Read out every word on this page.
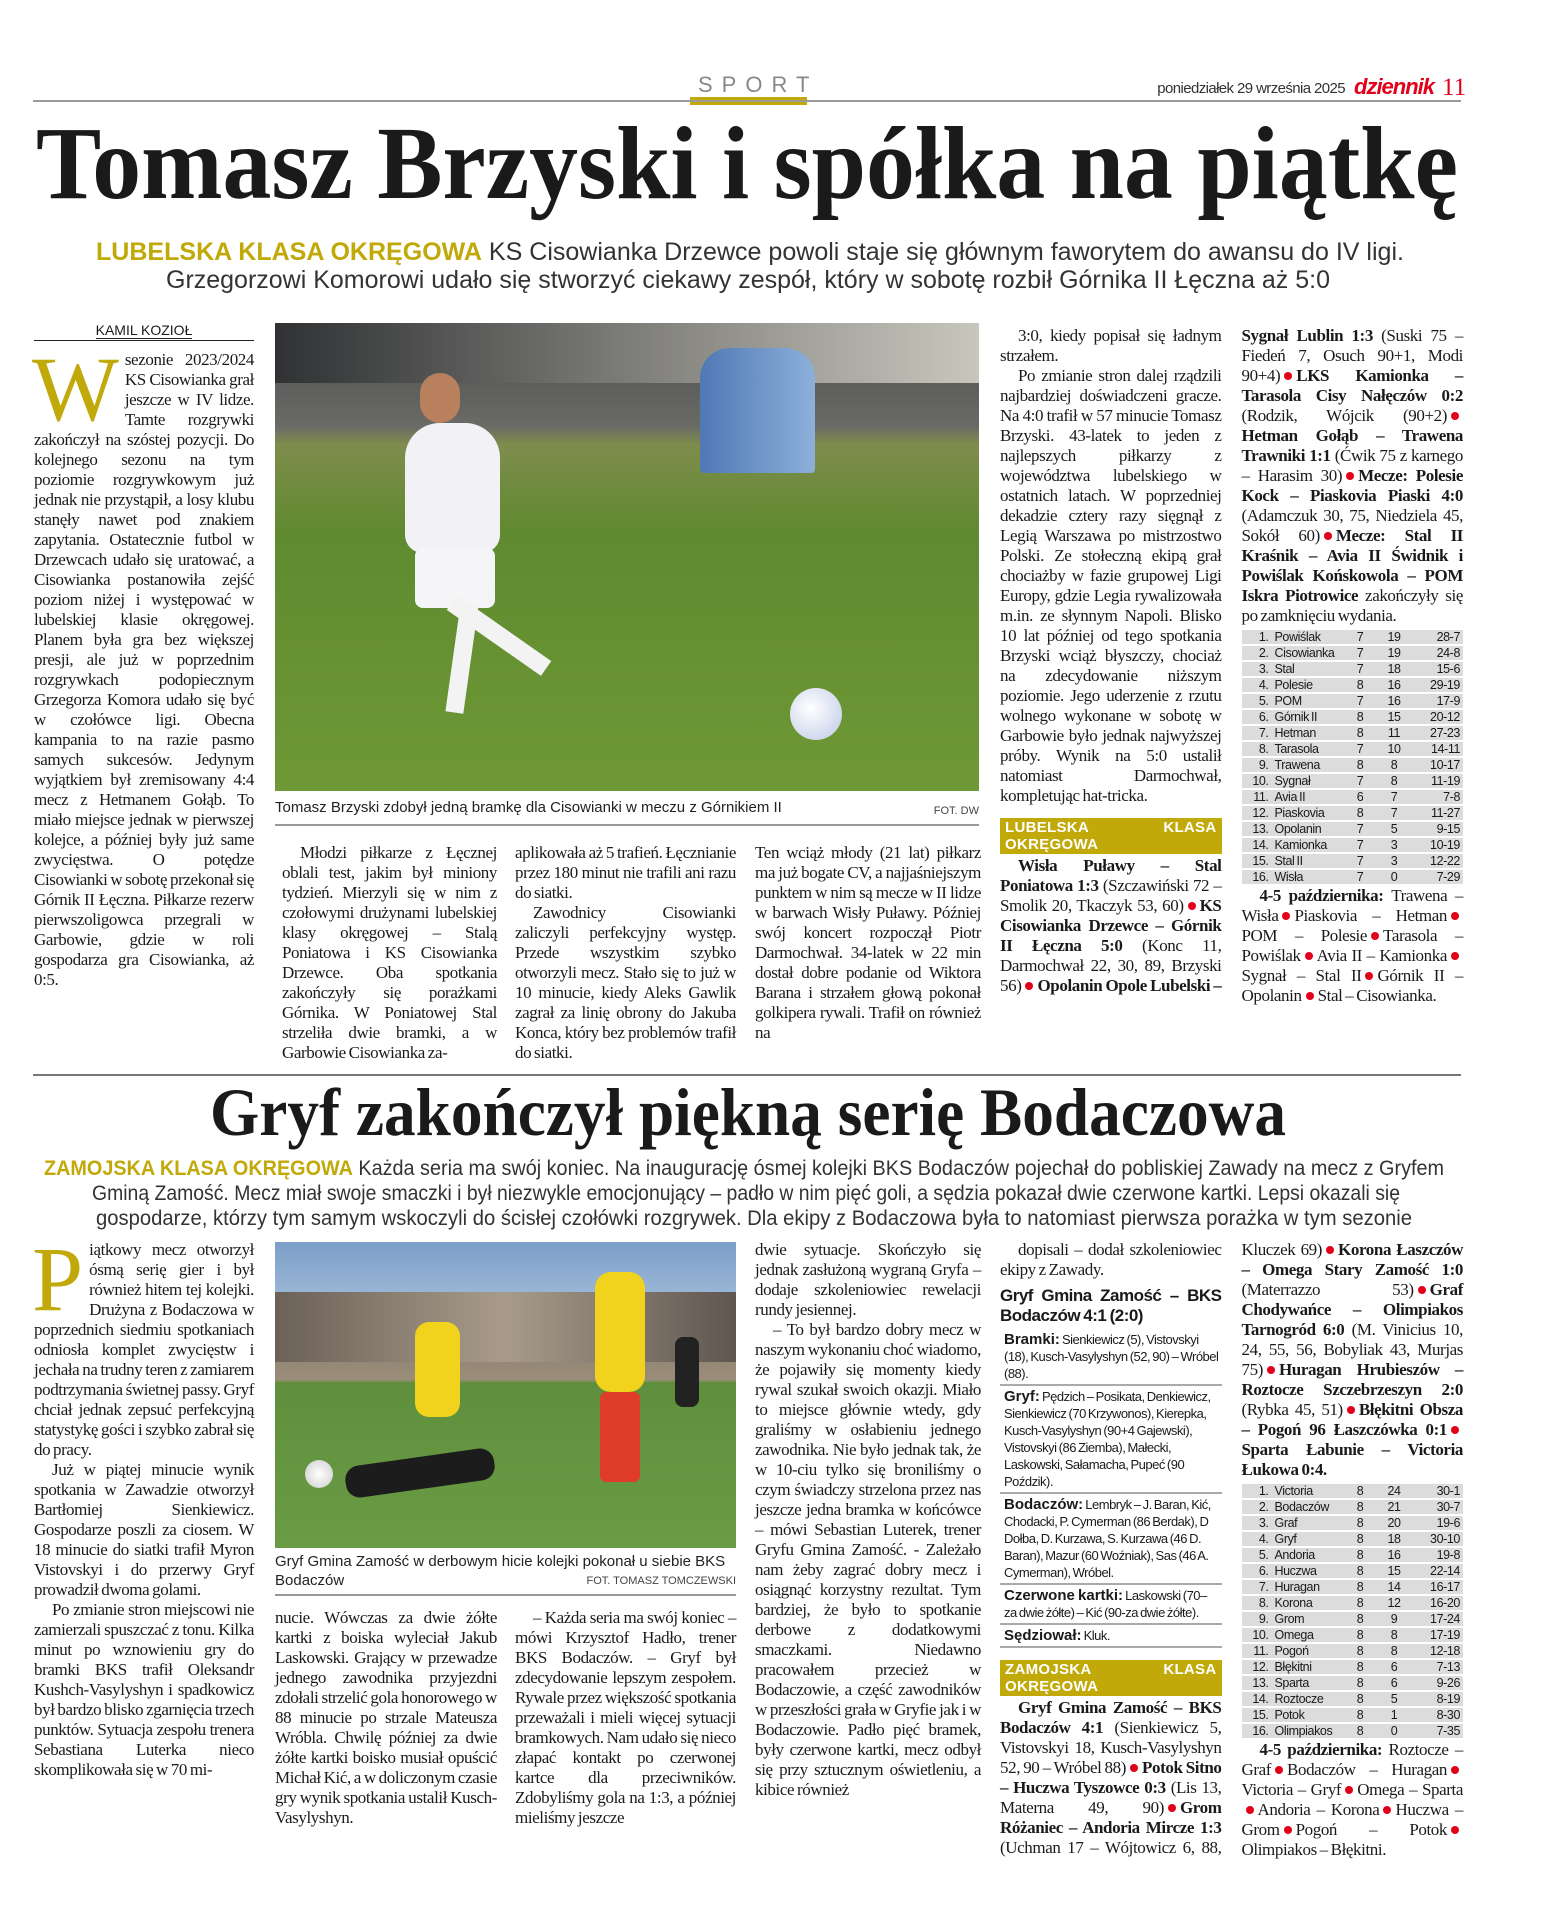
SPORT	poniedziałek 29 września 2025 dziennik 11
Tomasz Brzyski i spółka na piątkę
LUBELSKA KLASA OKRĘGOWA KS Cisowianka Drzewce powoli staje się głównym faworytem do awansu do IV ligi.
Grzegorzowi Komorowi udało się stworzyć ciekawy zespół, który w sobotę rozbił Górnika II Łęczna aż 5:0
KAMIL KOZIOŁ
W sezonie 2023/2024 KS Cisowianka grał jeszcze w IV lidze. Tamte rozgrywki zakończył na szóstej pozycji. Do kolejnego sezonu na tym poziomie rozgrywkowym już jednak nie przystąpił, a losy klubu stanęły nawet pod znakiem zapytania. Ostatecznie futbol w Drzewcach udało się uratować, a Cisowianka postanowiła zejść poziom niżej i występować w lubelskiej klasie okręgowej. Planem była gra bez większej presji, ale już w poprzednim rozgrywkach podopiecznym Grzegorza Komora udało się być w czołówce ligi. Obecna kampania to na razie pasmo samych sukcesów. Jedynym wyjątkiem był zremisowany 4:4 mecz z Hetmanem Gołąb. To miało miejsce jednak w pierwszej kolejce, a później były już same zwycięstwa. O potędze Cisowianki w sobotę przekonał się Górnik II Łęczna. Piłkarze rezerw pierwszoligowca przegrali w Garbowie, gdzie w roli gospodarza gra Cisowianka, aż 0:5.

Tomasz Brzyski zdobył jedną bramkę dla Cisowianki w meczu z Górnikiem II	FOT. DW

Młodzi piłkarze z Łęcznej oblali test, jakim był miniony tydzień. Mierzyli się w nim z czołowymi drużynami lubelskiej klasy okręgowej – Stalą Poniatowa i KS Cisowianka Drzewce. Oba spotkania zakończyły się porażkami Górnika. W Poniatowej Stal strzeliła dwie bramki, a w Garbowie Cisowianka za-

aplikowała aż 5 trafień. Łęcznianie przez 180 minut nie trafili ani razu do siatki.

Zawodnicy Cisowianki zaliczyli perfekcyjny występ. Przede wszystkim szybko otworzyli mecz. Stało się to już w 10 minucie, kiedy Aleks Gawlik zagrał za linię obrony do Jakuba Konca, który bez problemów trafił do siatki.

Ten wciąż młody (21 lat) piłkarz ma już bogate CV, a najjaśniejszym punktem w nim są mecze w II lidze w barwach Wisły Puławy. Później swój koncert rozpoczął Piotr Darmochwał. 34-latek w 22 min dostał dobre podanie od Wiktora Barana i strzałem głową pokonał golkipera rywali. Trafił on również na

3:0, kiedy popisał się ładnym strzałem.

Po zmianie stron dalej rządzili najbardziej doświadczeni gracze. Na 4:0 trafił w 57 minucie Tomasz Brzyski. 43-latek to jeden z najlepszych piłkarzy z województwa lubelskiego w ostatnich latach. W poprzedniej dekadzie cztery razy sięgnął z Legią Warszawa po mistrzostwo Polski. Ze stołeczną ekipą grał chociażby w fazie grupowej Ligi Europy, gdzie Legia rywalizowała m.in. ze słynnym Napoli. Blisko 10 lat później od tego spotkania Brzyski wciąż błyszczy, chociaż na zdecydowanie niższym poziomie. Jego uderzenie z rzutu wolnego wykonane w sobotę w Garbowie było jednak najwyższej próby. Wynik na 5:0 ustalił natomiast Darmochwał, kompletując hat-tricka.

LUBELSKA KLASA OKRĘGOWA
Wisła Puławy – Stal Poniatowa 1:3 (Szczawiński 72 – Smolik 20, Tkaczyk 53, 60) KS Cisowianka Drzewce – Górnik II Łęczna 5:0 (Konc 11, Darmochwał 22, 30, 89, Brzyski 56) Opolanin Opole Lubelski – Sygnał Lublin 1:3 (Suski 75 – Fiedeń 7, Osuch 90+1, Modi 90+4) LKS Kamionka – Tarasola Cisy Nałęczów 0:2 (Rodzik, Wójcik (90+2)Hetman Gołąb – Trawena Trawniki 1:1 (Ćwik 75 z karnego – Harasim 30) Mecze: Polesie Kock – Piaskovia Piaski 4:0 (Adamczuk 30, 75, Niedziela 45, Sokół 60) Mecze: Stal II Kraśnik – Avia II Świdnik i Powiślak Końskowola – POM Iskra Piotrowice zakończyły się po zamknięciu wydania.
1.	Powiślak	7	19	28-7
2.	Cisowianka	7	19	24-8
3.	Stal	7	18	15-6
4.	Polesie	8	16	29-19
5.	POM	7	16	17-9
6.	Górnik II	8	15	20-12
7.	Hetman	8	11	27-23
8.	Tarasola	7	10	14-11
9.	Trawena	8	8	10-17
10.	Sygnał	7	8	11-19
11.	Avia II	6	7	7-8
12.	Piaskovia	8	7	11-27
13.	Opolanin	7	5	9-15
14.	Kamionka	7	3	10-19
15.	Stal II	7	3	12-22
16.	Wisła	7	0	7-29
4-5 października: Trawena – Wisła Piaskovia – HetmanPOM – Polesie Tarasola – Powiślak Avia II – KamionkaSygnał – Stal II Górnik II – Opolanin Stal – Cisowianka.
Gryf zakończył piękną serię Bodaczowa
ZAMOJSKA KLASA OKRĘGOWA Każda seria ma swój koniec. Na inaugurację ósmej kolejki BKS Bodaczów pojechał do pobliskiej Zawady na mecz z Gryfem
Gminą Zamość. Mecz miał swoje smaczki i był niezwykle emocjonujący – padło w nim pięć goli, a sędzia pokazał dwie czerwone kartki. Lepsi okazali się
gospodarze, którzy tym samym wskoczyli do ścisłej czołówki rozgrywek. Dla ekipy z Bodaczowa była to natomiast pierwsza porażka w tym sezonie
P iątkowy mecz otworzył ósmą serię gier i był również hitem tej kolejki. Drużyna z Bodaczowa w poprzednich siedmiu spotkaniach odniosła komplet zwycięstw i jechała na trudny teren z zamiarem podtrzymania świetnej passy. Gryf chciał jednak zepsuć perfekcyjną statystykę gości i szybko zabrał się do pracy.

Już w piątej minucie wynik spotkania w Zawadzie otworzył Bartłomiej Sienkiewicz. Gospodarze poszli za ciosem. W 18 minucie do siatki trafił Myron Vistovskyi i do przerwy Gryf prowadził dwoma golami.

Po zmianie stron miejscowi nie zamierzali spuszczać z tonu. Kilka minut po wznowieniu gry do bramki BKS trafił Oleksandr Kushch-Vasylyshyn i spadkowicz był bardzo blisko zgarnięcia trzech punktów. Sytuacja zespołu trenera Sebastiana Luterka nieco skomplikowała się w 70 mi-

Gryf Gmina Zamość w derbowym hicie kolejki pokonał u siebie BKS Bodaczów	FOT. TOMASZ TOMCZEWSKI

nucie. Wówczas za dwie żółte kartki z boiska wyleciał Jakub Laskowski. Grający w przewadze jednego zawodnika przyjezdni zdołali strzelić gola honorowego w 88 minucie po strzale Mateusza Wróbla. Chwilę później za dwie żółte kartki boisko musiał opuścić Michał Kić, a w doliczonym czasie gry wynik spotkania ustalił Kusch-Vasylyshyn.

– Każda seria ma swój koniec – mówi Krzysztof Hadło, trener BKS Bodaczów. – Gryf był zdecydowanie lepszym zespołem. Rywale przez większość spotkania przeważali i mieli więcej sytuacji bramkowych. Nam udało się nieco złapać kontakt po czerwonej kartce dla przeciwników. Zdobyliśmy gola na 1:3, a później mieliśmy jeszcze

dwie sytuacje. Skończyło się jednak zasłużoną wygraną Gryfa – dodaje szkoleniowiec rewelacji rundy jesiennej.

– To był bardzo dobry mecz w naszym wykonaniu choć wiadomo, że pojawiły się momenty kiedy rywal szukał swoich okazji. Miało to miejsce głównie wtedy, gdy graliśmy w osłabieniu jednego zawodnika. Nie było jednak tak, że w 10-ciu tylko się broniliśmy o czym świadczy strzelona przez nas jeszcze jedna bramka w końcówce – mówi Sebastian Luterek, trener Gryfu Gmina Zamość. - Zależało nam żeby zagrać dobry mecz i osiągnąć korzystny rezultat. Tym bardziej, że było to spotkanie derbowe z dodatkowymi smaczkami. Niedawno pracowałem przecież w Bodaczowie, a część zawodników w przeszłości grała w Gryfie jak i w Bodaczowie. Padło pięć bramek, były czerwone kartki, mecz odbył się przy sztucznym oświetleniu, a kibice również

dopisali – dodał szkoleniowiec ekipy z Zawady.

Gryf Gmina Zamość – BKS Bodaczów 4:1 (2:0)
Bramki: Sienkiewicz (5), Vistovskyi (18), Kusch-Vasylyshyn (52, 90) – Wróbel (88).
Gryf: Pędzich – Posikata, Denkiewicz, Sienkiewicz (70 Krzywonos), Kierepka, Kusch-Vasylyshyn (90+4 Gajewski), Vistovskyi (86 Ziemba), Małecki, Laskowski, Sałamacha, Pupeć (90 Poździk).
Bodaczów: Lembryk – J. Baran, Kić, Chodacki, P. Cymerman (86 Berdak), D Dołba, D. Kurzawa, S. Kurzawa (46 D. Baran), Mazur (60 Woźniak), Sas (46 A. Cymerman), Wróbel.
Czerwone kartki: Laskowski (70– za dwie żółte) – Kić (90-za dwie żółte).
Sędziował: Kluk.
ZAMOJSKA KLASA OKRĘGOWA
Gryf Gmina Zamość – BKS Bodaczów 4:1 (Sienkiewicz 5, Vistovskyi 18, Kusch-Vasylyshyn 52, 90 – Wróbel 88) Potok Sitno – Huczwa Tyszowce 0:3 (Lis 13, Materna 49, 90) Grom Różaniec – Andoria Mircze 1:3 (Uchman 17 – Wójtowicz 6, 88, Kluczek 69) Korona Łaszczów – Omega Stary Zamość 1:0 (Materrazzo 53) Graf Chodywańce – Olimpiakos Tarnogród 6:0 (M. Vinicius 10, 24, 55, 56, Bobyliak 43, Murjas 75) Huragan Hrubieszów – Roztocze Szczebrzeszyn 2:0 (Rybka 45, 51) Błękitni Obsza – Pogoń 96 Łaszczówka 0:1Sparta Łabunie – Victoria Łukowa 0:4.
1.	Victoria	8	24	30-1
2.	Bodaczów	8	21	30-7
3.	Graf	8	20	19-6
4.	Gryf	8	18	30-10
5.	Andoria	8	16	19-8
6.	Huczwa	8	15	22-14
7.	Huragan	8	14	16-17
8.	Korona	8	12	16-20
9.	Grom	8	9	17-24
10.	Omega	8	8	17-19
11.	Pogoń	8	8	12-18
12.	Błękitni	8	6	7-13
13.	Sparta	8	6	9-26
14.	Roztocze	8	5	8-19
15.	Potok	8	1	8-30
16.	Olimpiakos	8	0	7-35
4-5 października: Roztocze – Graf Bodaczów – HuraganVictoria – Gryf Omega – SpartaAndoria – Korona Huczwa – Grom Pogoń – PotokOlimpiakos – Błękitni.
